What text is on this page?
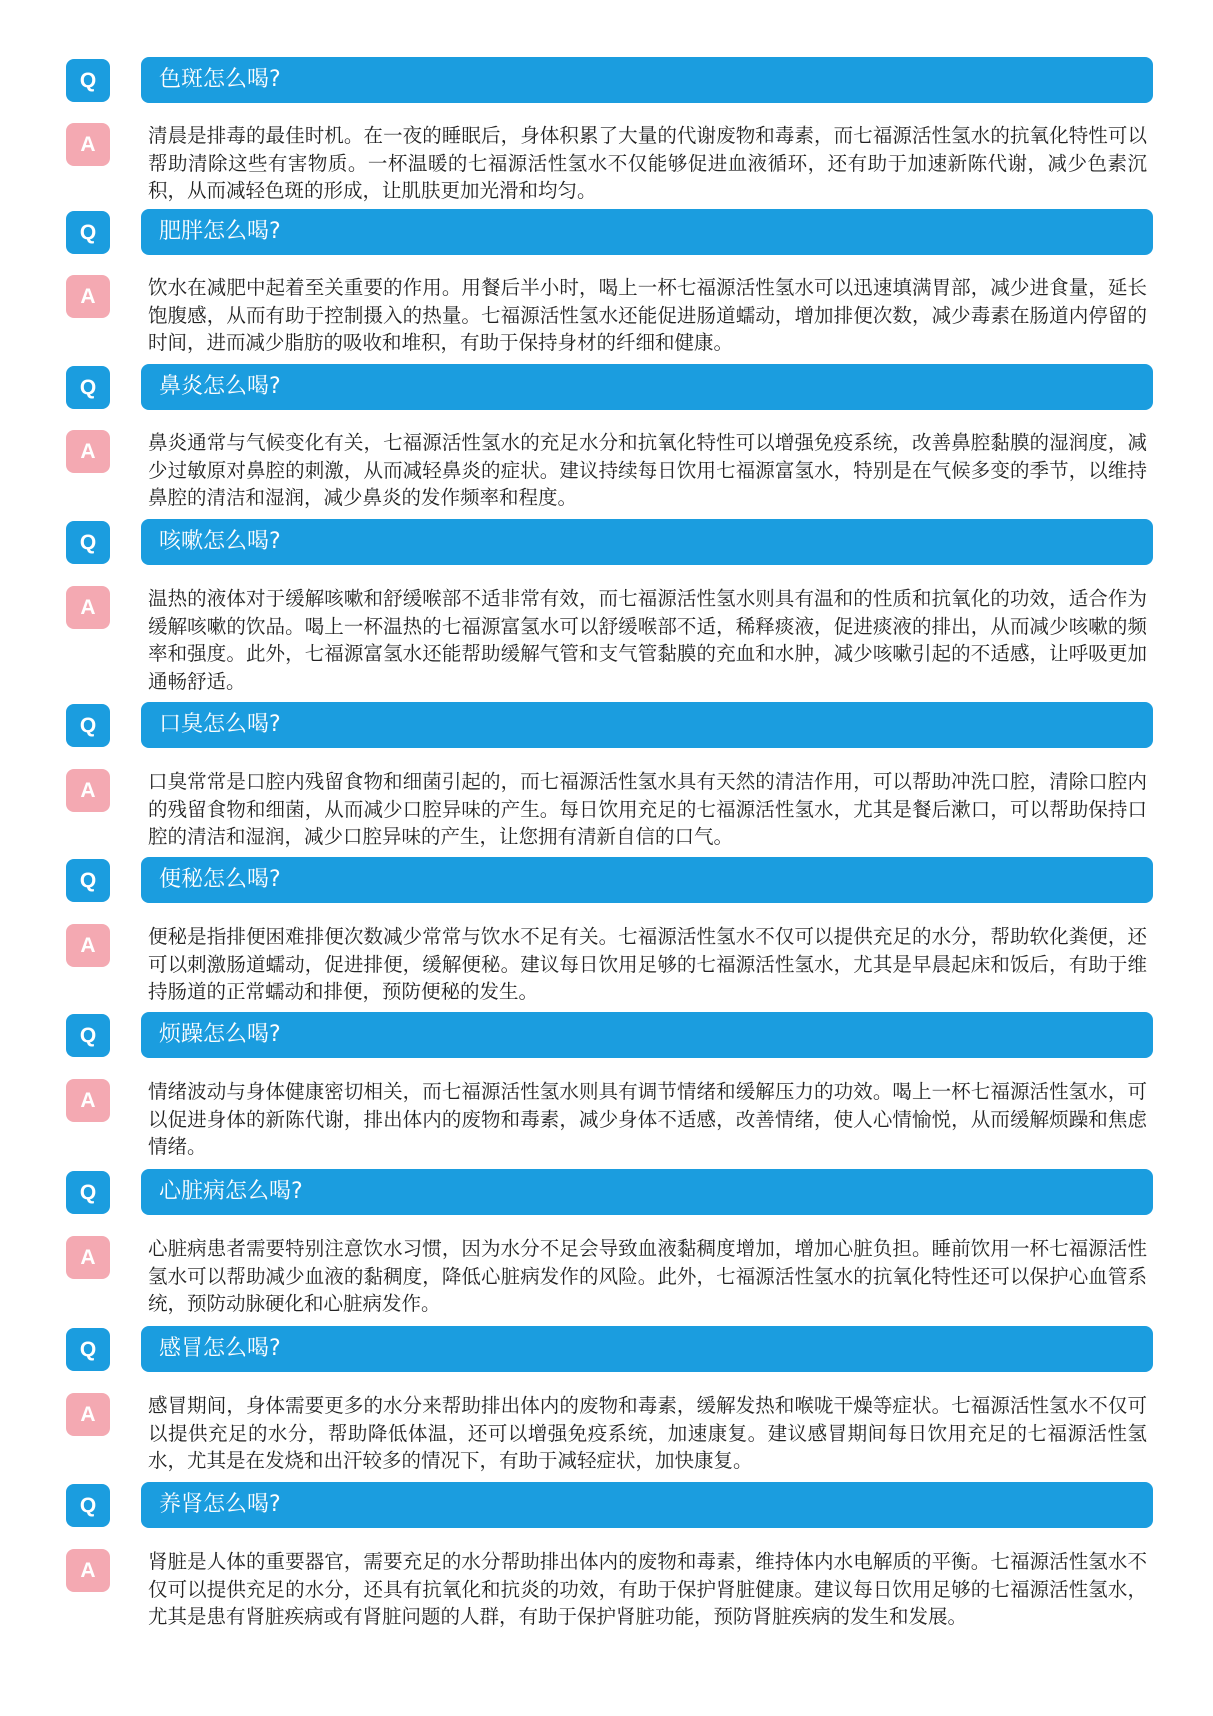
Q	色斑怎么喝?
A	清晨是排毒的最佳时机。在一夜的睡眠后，身体积累了大量的代谢废物和毒素，而七福源活性氢水的抗氧化特性可以帮助清除这些有害物质。一杯温暖的七福源活性氢水不仅能够促进血液循环，还有助于加速新陈代谢，减少色素沉积，从而减轻色斑的形成，让肌肤更加光滑和均匀。

Q	肥胖怎么喝?
A	饮水在减肥中起着至关重要的作用。用餐后半小时，喝上一杯七福源活性氢水可以迅速填满胃部，减少进食量，延长饱腹感，从而有助于控制摄入的热量。七福源活性氢水还能促进肠道蠕动，增加排便次数，减少毒素在肠道内停留的时间，进而减少脂肪的吸收和堆积，有助于保持身材的纤细和健康。

Q	鼻炎怎么喝?
A	鼻炎通常与气候变化有关，七福源活性氢水的充足水分和抗氧化特性可以增强免疫系统，改善鼻腔黏膜的湿润度，减少过敏原对鼻腔的刺激，从而减轻鼻炎的症状。建议持续每日饮用七福源富氢水，特别是在气候多变的季节，以维持鼻腔的清洁和湿润，减少鼻炎的发作频率和程度。

Q	咳嗽怎么喝?
A	温热的液体对于缓解咳嗽和舒缓喉部不适非常有效，而七福源活性氢水则具有温和的性质和抗氧化的功效，适合作为缓解咳嗽的饮品。喝上一杯温热的七福源富氢水可以舒缓喉部不适，稀释痰液，促进痰液的排出，从而减少咳嗽的频率和强度。此外，七福源富氢水还能帮助缓解气管和支气管黏膜的充血和水肿，减少咳嗽引起的不适感，让呼吸更加通畅舒适。

Q	口臭怎么喝?
A	口臭常常是口腔内残留食物和细菌引起的，而七福源活性氢水具有天然的清洁作用，可以帮助冲洗口腔，清除口腔内的残留食物和细菌，从而减少口腔异味的产生。每日饮用充足的七福源活性氢水，尤其是餐后漱口，可以帮助保持口腔的清洁和湿润，减少口腔异味的产生，让您拥有清新自信的口气。

Q	便秘怎么喝?
A	便秘是指排便困难排便次数减少常常与饮水不足有关。七福源活性氢水不仅可以提供充足的水分，帮助软化粪便，还可以刺激肠道蠕动，促进排便，缓解便秘。建议每日饮用足够的七福源活性氢水，尤其是早晨起床和饭后，有助于维持肠道的正常蠕动和排便，预防便秘的发生。

Q	烦躁怎么喝?
A	情绪波动与身体健康密切相关，而七福源活性氢水则具有调节情绪和缓解压力的功效。喝上一杯七福源活性氢水，可以促进身体的新陈代谢，排出体内的废物和毒素，减少身体不适感，改善情绪，使人心情愉悦，从而缓解烦躁和焦虑情绪。

Q	心脏病怎么喝?
A	心脏病患者需要特别注意饮水习惯，因为水分不足会导致血液黏稠度增加，增加心脏负担。睡前饮用一杯七福源活性氢水可以帮助减少血液的黏稠度，降低心脏病发作的风险。此外，七福源活性氢水的抗氧化特性还可以保护心血管系统，预防动脉硬化和心脏病发作。

Q	感冒怎么喝?
A	感冒期间，身体需要更多的水分来帮助排出体内的废物和毒素，缓解发热和喉咙干燥等症状。七福源活性氢水不仅可以提供充足的水分，帮助降低体温，还可以增强免疫系统，加速康复。建议感冒期间每日饮用充足的七福源活性氢水，尤其是在发烧和出汗较多的情况下，有助于减轻症状，加快康复。

Q	养肾怎么喝?
A	肾脏是人体的重要器官，需要充足的水分帮助排出体内的废物和毒素，维持体内水电解质的平衡。七福源活性氢水不仅可以提供充足的水分，还具有抗氧化和抗炎的功效，有助于保护肾脏健康。建议每日饮用足够的七福源活性氢水，尤其是患有肾脏疾病或有肾脏问题的人群，有助于保护肾脏功能，预防肾脏疾病的发生和发展。
